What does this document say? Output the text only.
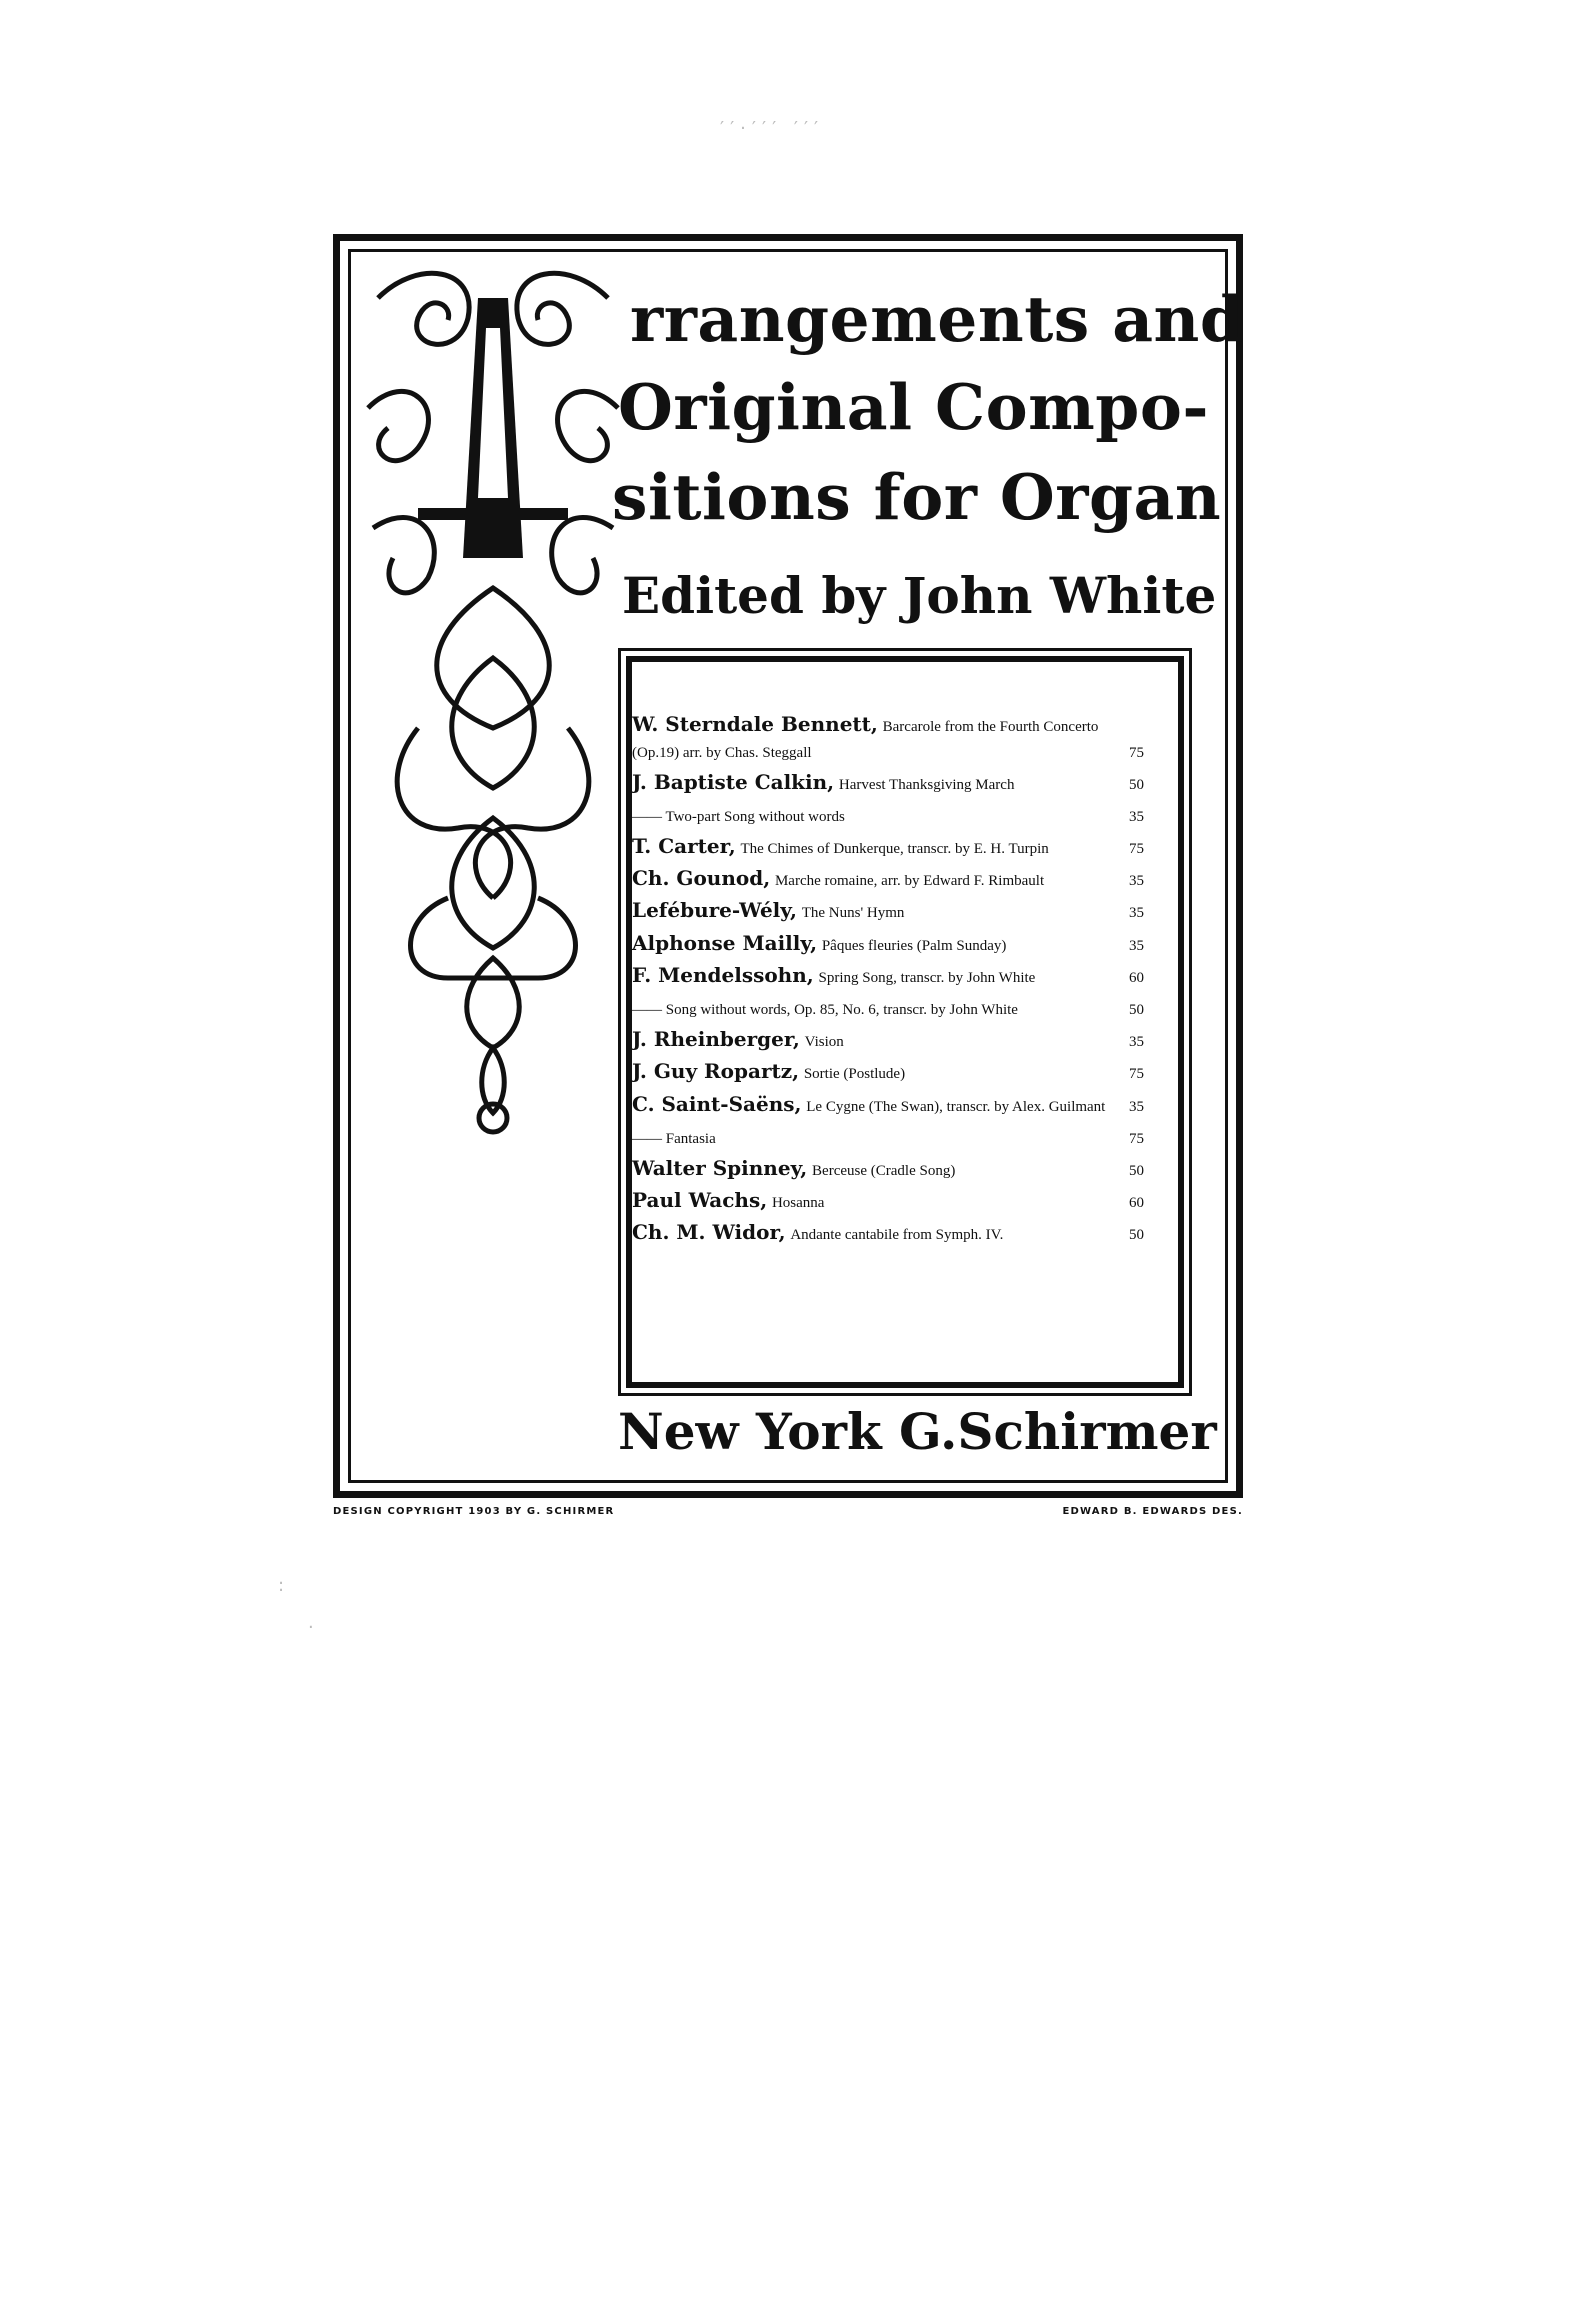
′′·′′′ ′′′
:
.
rrangements and
Original Compo-
sitions for Organ
Edited by John White
W. Sterndale Bennett, Barcarole from the Fourth Concerto (Op.19) arr. by Chas. Steggall	75
J. Baptiste Calkin, Harvest Thanksgiving March	50
—— Two-part Song without words	35
T. Carter, The Chimes of Dunkerque, transcr. by E. H. Turpin	75
Ch. Gounod, Marche romaine, arr. by Edward F. Rimbault	35
Lefébure-Wély, The Nuns' Hymn	35
Alphonse Mailly, Pâques fleuries (Palm Sunday)	35
F. Mendelssohn, Spring Song, transcr. by John White	60
—— Song without words, Op. 85, No. 6, transcr. by John White	50
J. Rheinberger, Vision	35
J. Guy Ropartz, Sortie (Postlude)	75
C. Saint-Saëns, Le Cygne (The Swan), transcr. by Alex. Guilmant	35
—— Fantasia	75
Walter Spinney, Berceuse (Cradle Song)	50
Paul Wachs, Hosanna	60
Ch. M. Widor, Andante cantabile from Symph. IV.	50
New York G.Schirmer
DESIGN COPYRIGHT 1903 BY G. SCHIRMER	EDWARD B. EDWARDS DES.
